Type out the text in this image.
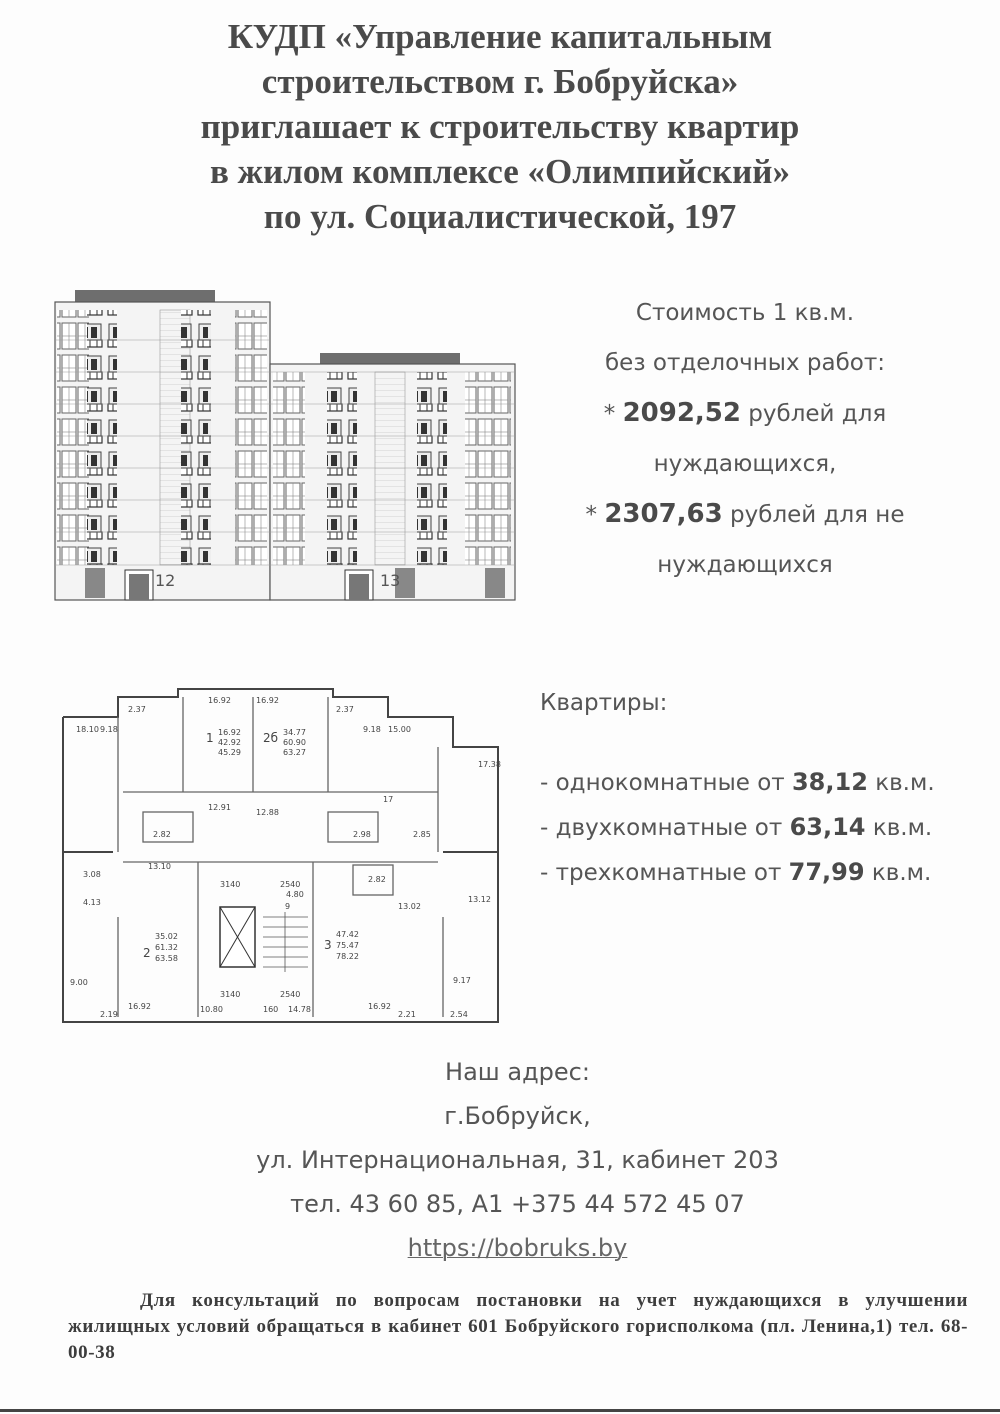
КУДП «Управление капитальным
строительством г. Бобруйска»
приглашает к строительству квартир
в жилом комплексе «Олимпийский»
по ул. Социалистической, 197
12	13
Стоимость 1 кв.м.
без отделочных работ:
* 2092,52 рублей для
нуждающихся,
* 2307,63 рублей для не
нуждающихся
2.37
16.92	16.92
2.37
18.10 9.18	9.18 15.00
1 16.92
42.92
45.29
2б 34.77
60.90
63.27
17.38
12.91
12.88
17
2.82	2.98	2.85
2.82
13.10
3.08
4.13	13.12
13.02
2
35.02
61.32
63.58
3
47.42
75.47
78.22
9.00	9.17
2.19
16.92	16.92
2.21	2.54
10.80	14.78
3140	2540
3140	2540
160
4.80
9
Квартиры:
- однокомнатные от 38,12 кв.м.
- двухкомнатные от 63,14 кв.м.
- трехкомнатные от 77,99 кв.м.
Наш адрес:
г.Бобруйск,
ул. Интернациональная, 31, кабинет 203
тел. 43 60 85, А1 +375 44 572 45 07
https://bobruks.by

Для консультаций по вопросам постановки на учет нуждающихся в улучшении жилищных условий обращаться в кабинет 601 Бобруйского горисполкома (пл. Ленина,1) тел. 68-00-38
